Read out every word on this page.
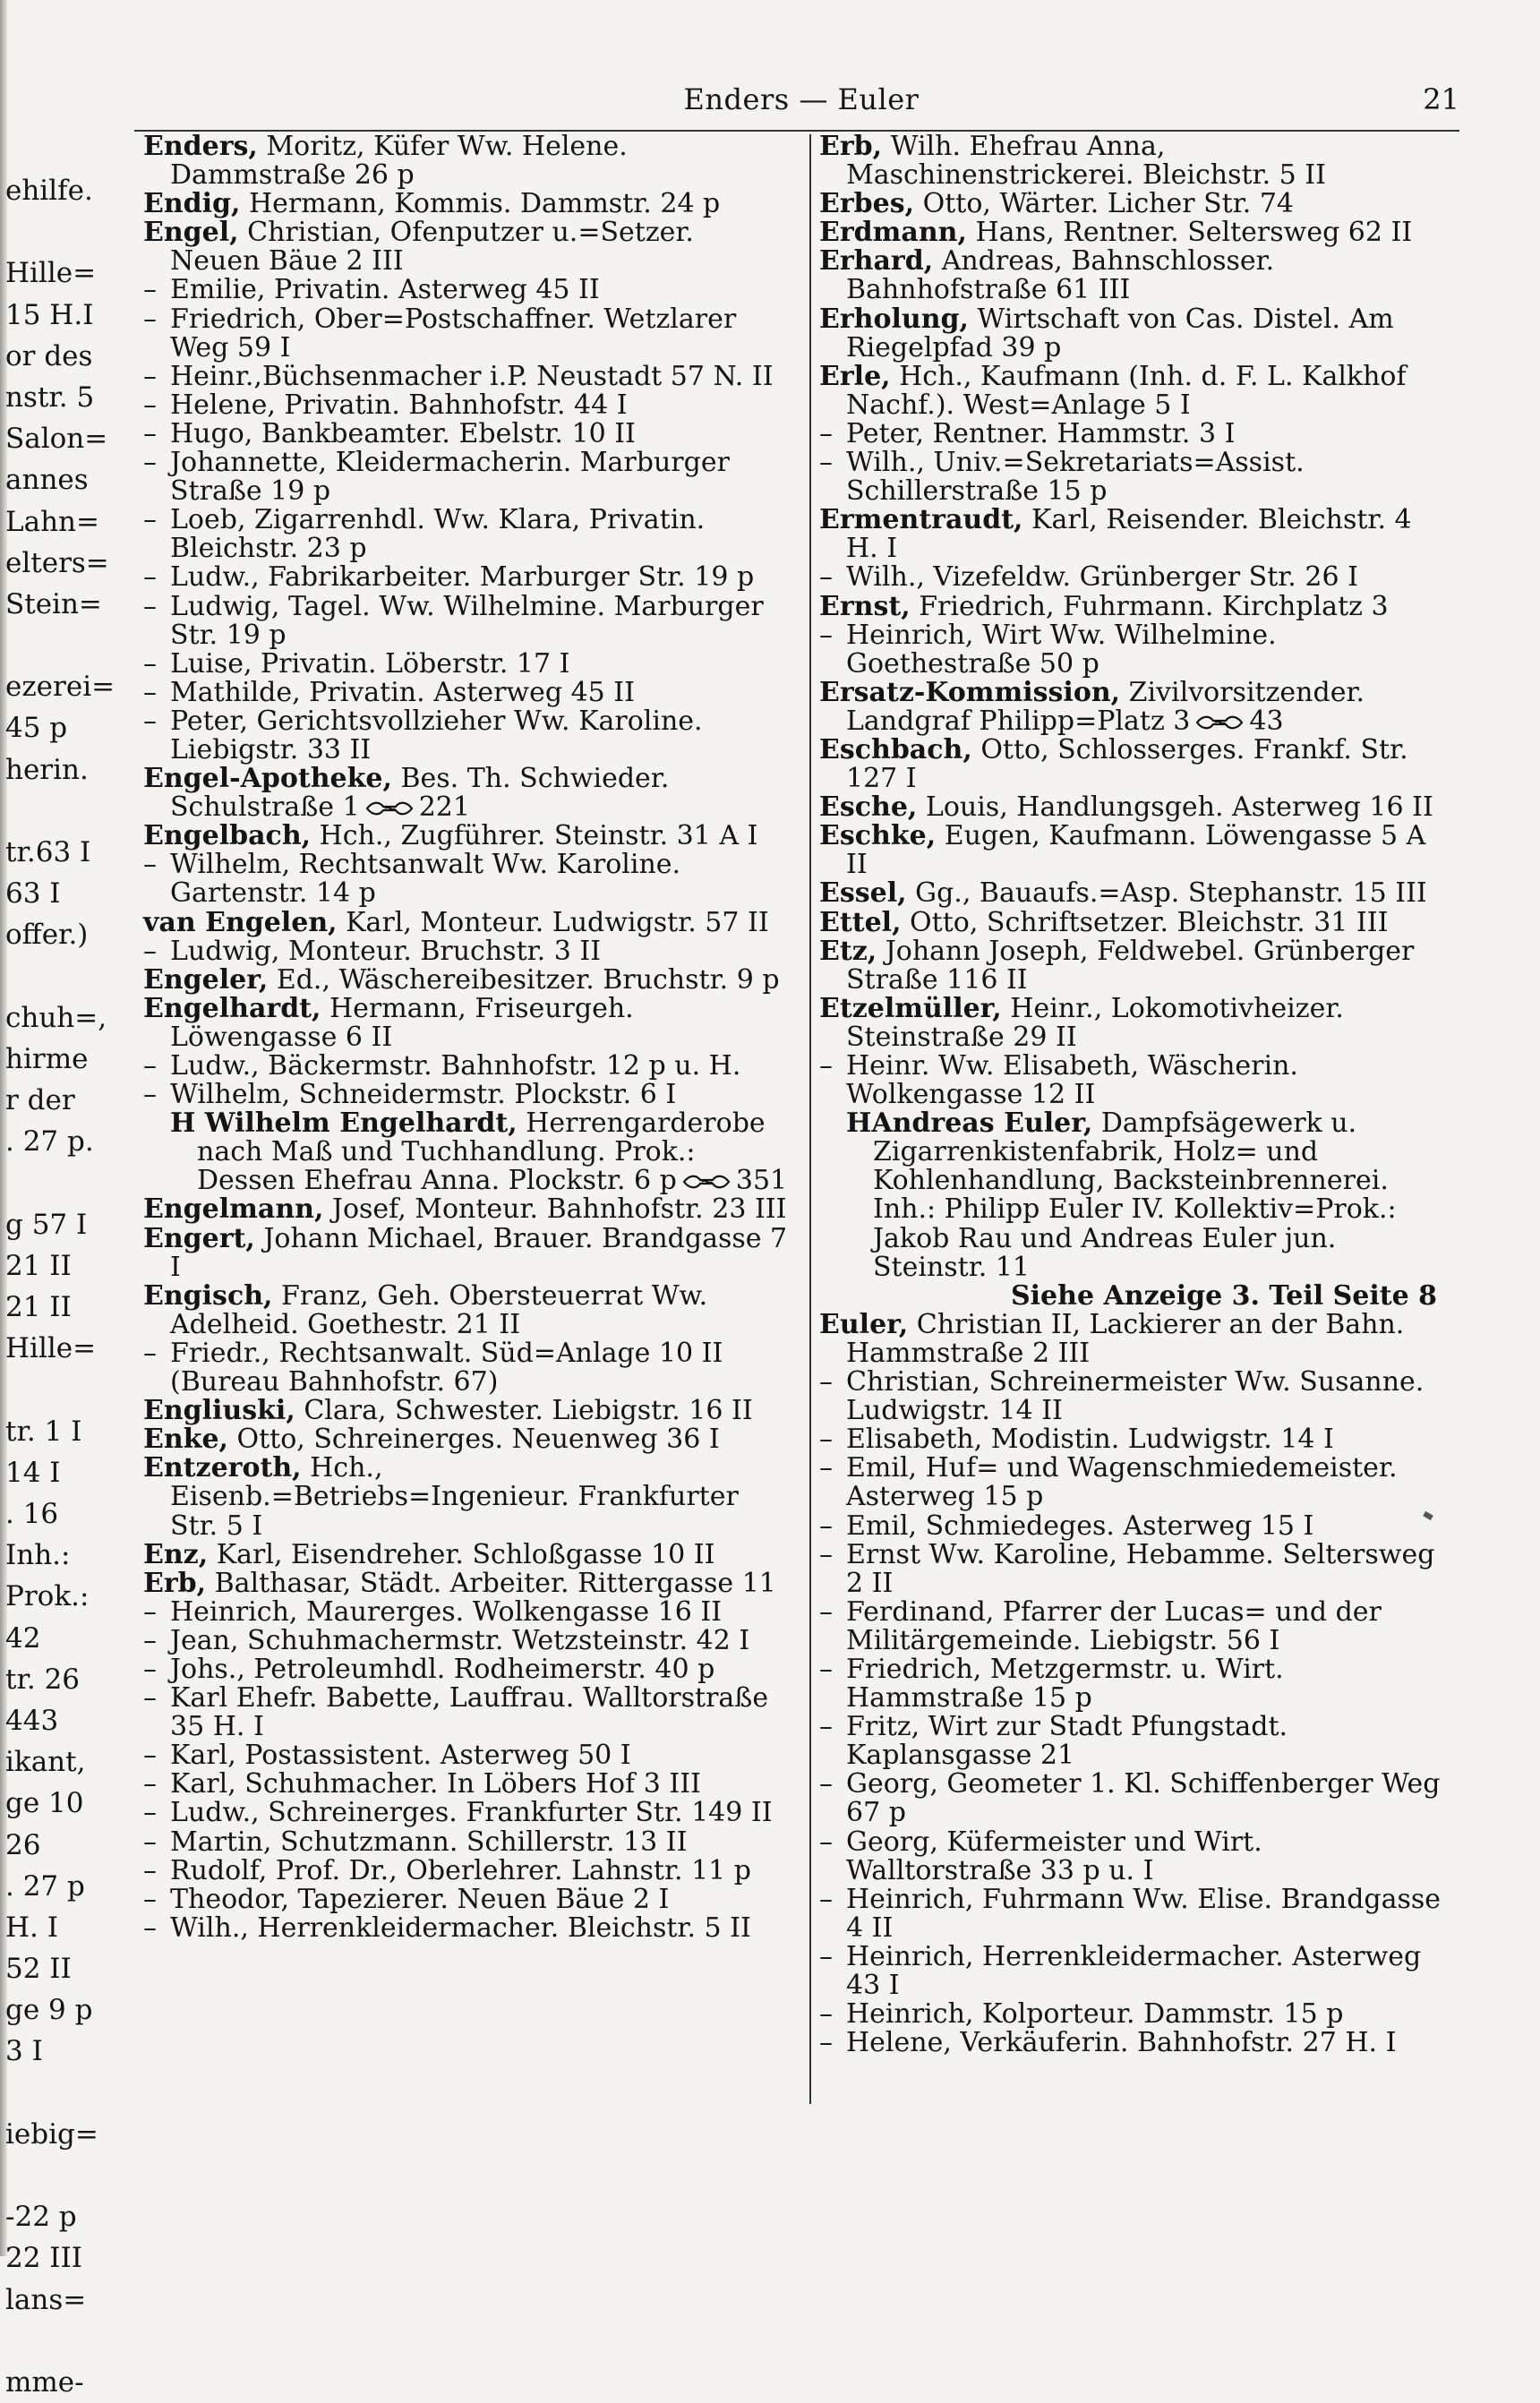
ehilfe.
Hille=
15 H.I
or des
nstr. 5
Salon=
annes
Lahn=
elters=
Stein=
ezerei=
45 p
herin.
tr.63 I
63 I
offer.)
chuh=,
hirme
r der
. 27 p.
g 57 I
21 II
21 II
Hille=
tr. 1 I
14 I
. 16
Inh.:
Prok.:
42
tr. 26
443
ikant,
ge 10
26
. 27 p
H. I
52 II
ge 9 p
3 I
iebig=
-22 p
22 III
lans=
mme-
Enders — Euler	21

Enders, Moritz, Küfer Ww. Helene. Dammstraße 26 p

Endig, Hermann, Kommis. Dammstr. 24 p

Engel, Christian, Ofenputzer u.=Setzer. Neuen Bäue 2 III

– Emilie, Privatin. Asterweg 45 II

– Friedrich, Ober=Postschaffner. Wetzlarer Weg 59 I

– Heinr.,Büchsenmacher i.P. Neustadt 57 N. II

– Helene, Privatin. Bahnhofstr. 44 I

– Hugo, Bankbeamter. Ebelstr. 10 II

– Johannette, Kleidermacherin. Marburger Straße 19 p

– Loeb, Zigarrenhdl. Ww. Klara, Privatin. Bleichstr. 23 p

– Ludw., Fabrikarbeiter. Marburger Str. 19 p

– Ludwig, Tagel. Ww. Wilhelmine. Marburger Str. 19 p

– Luise, Privatin. Löberstr. 17 I

– Mathilde, Privatin. Asterweg 45 II

– Peter, Gerichtsvollzieher Ww. Karoline. Liebigstr. 33 II

Engel-Apotheke, Bes. Th. Schwieder. Schulstraße 1 221

Engelbach, Hch., Zugführer. Steinstr. 31 A I

– Wilhelm, Rechtsanwalt Ww. Karoline. Gartenstr. 14 p

van Engelen, Karl, Monteur. Ludwigstr. 57 II

– Ludwig, Monteur. Bruchstr. 3 II

Engeler, Ed., Wäschereibesitzer. Bruchstr. 9 p

Engelhardt, Hermann, Friseurgeh. Löwengasse 6 II

– Ludw., Bäckermstr. Bahnhofstr. 12 p u. H.

– Wilhelm, Schneidermstr. Plockstr. 6 I

H Wilhelm Engelhardt, Herrengarderobe nach Maß und Tuchhandlung. Prok.: Dessen Ehefrau Anna. Plockstr. 6 p 351

Engelmann, Josef, Monteur. Bahnhofstr. 23 III

Engert, Johann Michael, Brauer. Brandgasse 7 I

Engisch, Franz, Geh. Obersteuerrat Ww. Adelheid. Goethestr. 21 II

– Friedr., Rechtsanwalt. Süd=Anlage 10 II (Bureau Bahnhofstr. 67)

Engliuski, Clara, Schwester. Liebigstr. 16 II

Enke, Otto, Schreinerges. Neuenweg 36 I

Entzeroth, Hch., Eisenb.=Betriebs=Ingenieur. Frankfurter Str. 5 I

Enz, Karl, Eisendreher. Schloßgasse 10 II

Erb, Balthasar, Städt. Arbeiter. Rittergasse 11

– Heinrich, Maurerges. Wolkengasse 16 II

– Jean, Schuhmachermstr. Wetzsteinstr. 42 I

– Johs., Petroleumhdl. Rodheimerstr. 40 p

– Karl Ehefr. Babette, Lauffrau. Walltorstraße 35 H. I

– Karl, Postassistent. Asterweg 50 I

– Karl, Schuhmacher. In Löbers Hof 3 III

– Ludw., Schreinerges. Frankfurter Str. 149 II

– Martin, Schutzmann. Schillerstr. 13 II

– Rudolf, Prof. Dr., Oberlehrer. Lahnstr. 11 p

– Theodor, Tapezierer. Neuen Bäue 2 I

– Wilh., Herrenkleidermacher. Bleichstr. 5 II

Erb, Wilh. Ehefrau Anna, Maschinenstrickerei. Bleichstr. 5 II

Erbes, Otto, Wärter. Licher Str. 74

Erdmann, Hans, Rentner. Seltersweg 62 II

Erhard, Andreas, Bahnschlosser. Bahnhofstraße 61 III

Erholung, Wirtschaft von Cas. Distel. Am Riegelpfad 39 p

Erle, Hch., Kaufmann (Inh. d. F. L. Kalkhof Nachf.). West=Anlage 5 I

– Peter, Rentner. Hammstr. 3 I

– Wilh., Univ.=Sekretariats=Assist. Schillerstraße 15 p

Ermentraudt, Karl, Reisender. Bleichstr. 4 H. I

– Wilh., Vizefeldw. Grünberger Str. 26 I

Ernst, Friedrich, Fuhrmann. Kirchplatz 3

– Heinrich, Wirt Ww. Wilhelmine. Goethestraße 50 p

Ersatz-Kommission, Zivilvorsitzender. Landgraf Philipp=Platz 3 43

Eschbach, Otto, Schlosserges. Frankf. Str. 127 I

Esche, Louis, Handlungsgeh. Asterweg 16 II

Eschke, Eugen, Kaufmann. Löwengasse 5 A II

Essel, Gg., Bauaufs.=Asp. Stephanstr. 15 III

Ettel, Otto, Schriftsetzer. Bleichstr. 31 III

Etz, Johann Joseph, Feldwebel. Grünberger Straße 116 II

Etzelmüller, Heinr., Lokomotivheizer. Steinstraße 29 II

– Heinr. Ww. Elisabeth, Wäscherin. Wolkengasse 12 II

HAndreas Euler, Dampfsägewerk u. Zigarrenkistenfabrik, Holz= und Kohlenhandlung, Backsteinbrennerei. Inh.: Philipp Euler IV. Kollektiv=Prok.: Jakob Rau und Andreas Euler jun. Steinstr. 11

Siehe Anzeige 3. Teil Seite 8

Euler, Christian II, Lackierer an der Bahn. Hammstraße 2 III

– Christian, Schreinermeister Ww. Susanne. Ludwigstr. 14 II

– Elisabeth, Modistin. Ludwigstr. 14 I

– Emil, Huf= und Wagenschmiedemeister. Asterweg 15 p

– Emil, Schmiedeges. Asterweg 15 I

– Ernst Ww. Karoline, Hebamme. Seltersweg 2 II

– Ferdinand, Pfarrer der Lucas= und der Militärgemeinde. Liebigstr. 56 I

– Friedrich, Metzgermstr. u. Wirt. Hammstraße 15 p

– Fritz, Wirt zur Stadt Pfungstadt. Kaplansgasse 21

– Georg, Geometer 1. Kl. Schiffenberger Weg 67 p

– Georg, Küfermeister und Wirt. Walltorstraße 33 p u. I

– Heinrich, Fuhrmann Ww. Elise. Brandgasse 4 II

– Heinrich, Herrenkleidermacher. Asterweg 43 I

– Heinrich, Kolporteur. Dammstr. 15 p

– Helene, Verkäuferin. Bahnhofstr. 27 H. I
